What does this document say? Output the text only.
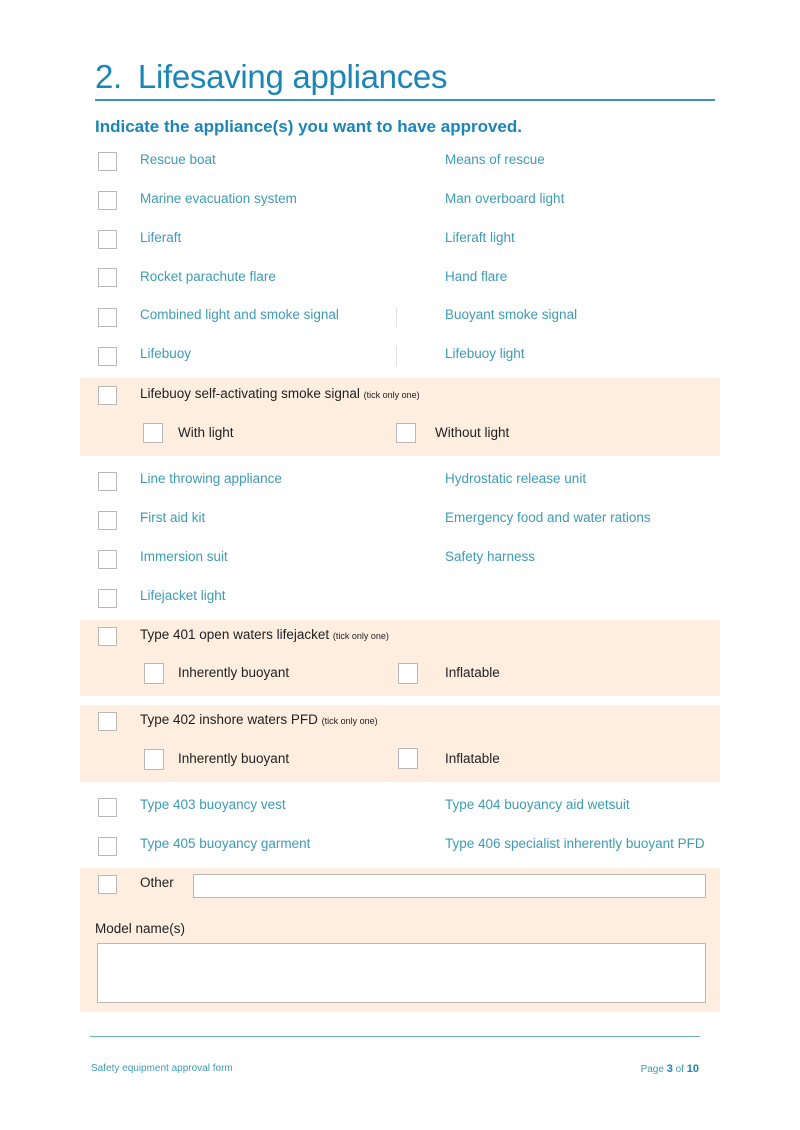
2. Lifesaving appliances
Indicate the appliance(s) you want to have approved.
Rescue boat	Means of rescue
Marine evacuation system	Man overboard light
Liferaft	Liferaft light
Rocket parachute flare	Hand flare
Combined light and smoke signal	Buoyant smoke signal
Lifebuoy	Lifebuoy light
Lifebuoy self-activating smoke signal (tick only one)
With light	Without light
Line throwing appliance	Hydrostatic release unit
First aid kit	Emergency food and water rations
Immersion suit	Safety harness
Lifejacket light
Type 401 open waters lifejacket (tick only one)
Inherently buoyant	Inflatable
Type 402 inshore waters PFD (tick only one)
Inherently buoyant	Inflatable
Type 403 buoyancy vest	Type 404 buoyancy aid wetsuit
Type 405 buoyancy garment	Type 406 specialist inherently buoyant PFD
Other
Model name(s)
Safety equipment approval form	Page 3 of 10
